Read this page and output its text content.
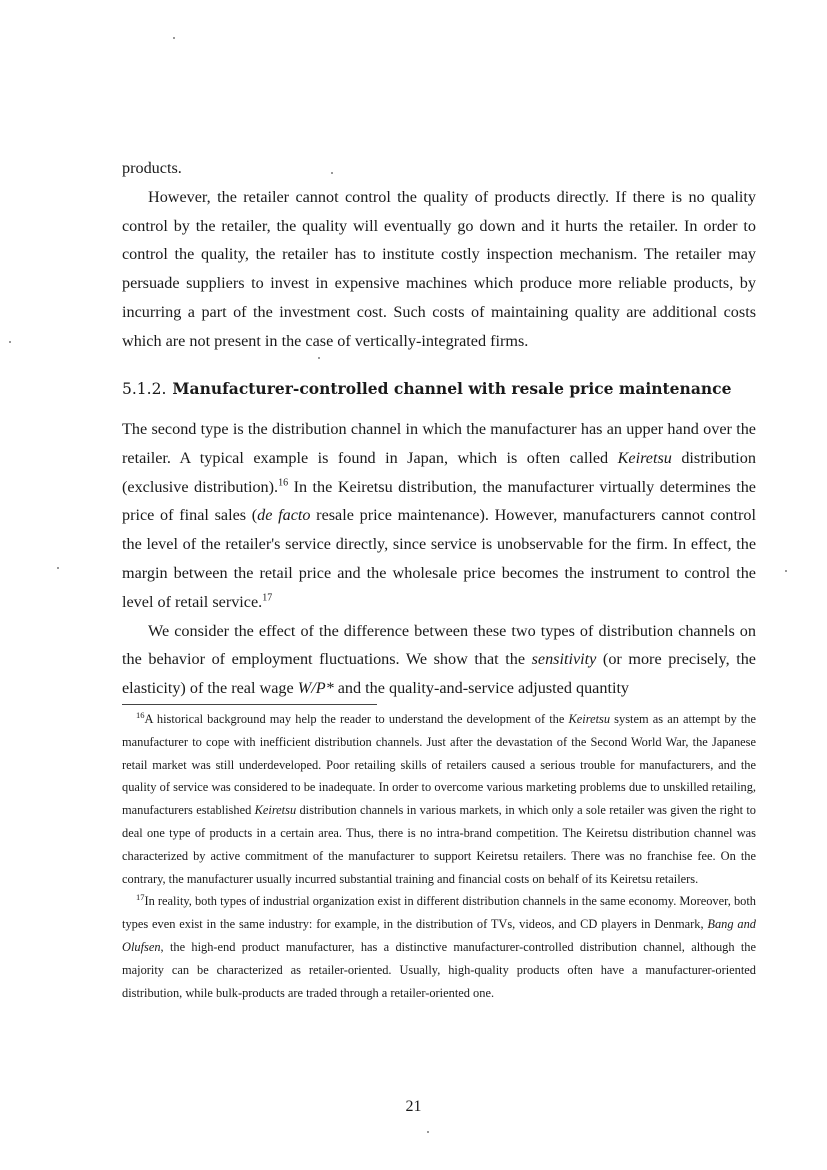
products.

However, the retailer cannot control the quality of products directly. If there is no quality control by the retailer, the quality will eventually go down and it hurts the retailer. In order to control the quality, the retailer has to institute costly inspection mechanism. The retailer may persuade suppliers to invest in expensive machines which produce more reliable products, by incurring a part of the investment cost. Such costs of maintaining quality are additional costs which are not present in the case of vertically-integrated firms.

5.1.2. Manufacturer-controlled channel with resale price maintenance

The second type is the distribution channel in which the manufacturer has an upper hand over the retailer. A typical example is found in Japan, which is often called Keiretsu distribution (exclusive distribution).$^{16}$ In the Keiretsu distribution, the manufacturer virtually determines the price of final sales (de facto resale price maintenance). However, manufacturers cannot control the level of the retailer's service directly, since service is unobservable for the firm. In effect, the margin between the retail price and the wholesale price becomes the instrument to control the level of retail service.$^{17}$

We consider the effect of the difference between these two types of distribution channels on the behavior of employment fluctuations. We show that the sensitivity (or more precisely, the elasticity) of the real wage W/P* and the quality-and-service adjusted quantity

$^{16}$A historical background may help the reader to understand the development of the Keiretsu system as an attempt by the manufacturer to cope with inefficient distribution channels. Just after the devastation of the Second World War, the Japanese retail market was still underdeveloped. Poor retailing skills of retailers caused a serious trouble for manufacturers, and the quality of service was considered to be inadequate. In order to overcome various marketing problems due to unskilled retailing, manufacturers established Keiretsu distribution channels in various markets, in which only a sole retailer was given the right to deal one type of products in a certain area. Thus, there is no intra-brand competition. The Keiretsu distribution channel was characterized by active commitment of the manufacturer to support Keiretsu retailers. There was no franchise fee. On the contrary, the manufacturer usually incurred substantial training and financial costs on behalf of its Keiretsu retailers.

$^{17}$In reality, both types of industrial organization exist in different distribution channels in the same economy. Moreover, both types even exist in the same industry: for example, in the distribution of TVs, videos, and CD players in Denmark, Bang and Olufsen, the high-end product manufacturer, has a distinctive manufacturer-controlled distribution channel, although the majority can be characterized as retailer-oriented. Usually, high-quality products often have a manufacturer-oriented distribution, while bulk-products are traded through a retailer-oriented one.

21
